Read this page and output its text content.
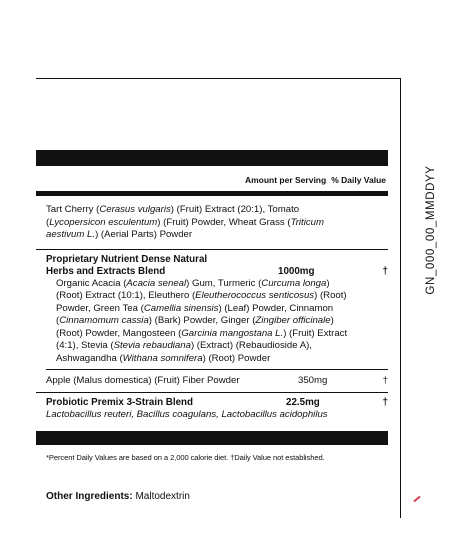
GN_000_00_MMDDYY
Amount per Serving % Daily Value

Tart Cherry (Cerasus vulgaris) (Fruit) Extract (20:1), Tomato

(Lycopersicon esculentum) (Fruit) Powder, Wheat Grass (Triticum

aestivum L.) (Aerial Parts) Powder

Proprietary Nutrient Dense Natural
Herbs and Extracts Blend	1000mg	†

Organic Acacia (Acacia seneal) Gum, Turmeric (Curcuma longa)

(Root) Extract (10:1), Eleuthero (Eleutherococcus senticosus) (Root)

Powder, Green Tea (Camellia sinensis) (Leaf) Powder, Cinnamon

(Cinnamomum cassia) (Bark) Powder, Ginger (Zingiber officinale)

(Root) Powder, Mangosteen (Garcinia mangostana L.) (Fruit) Extract

(4:1), Stevia (Stevia rebaudiana) (Extract) (Rebaudioside A),

Ashwagandha (Withana somnifera) (Root) Powder

Apple (Malus domestica) (Fruit) Fiber Powder	350mg	†
Probiotic Premix 3-Strain Blend	22.5mg	†
Lactobacillus reuteri, Bacillus coagulans, Lactobacillus acidophilus
*Percent Daily Values are based on a 2,000 calorie diet. †Daily Value not established.
Other Ingredients: Maltodextrin
